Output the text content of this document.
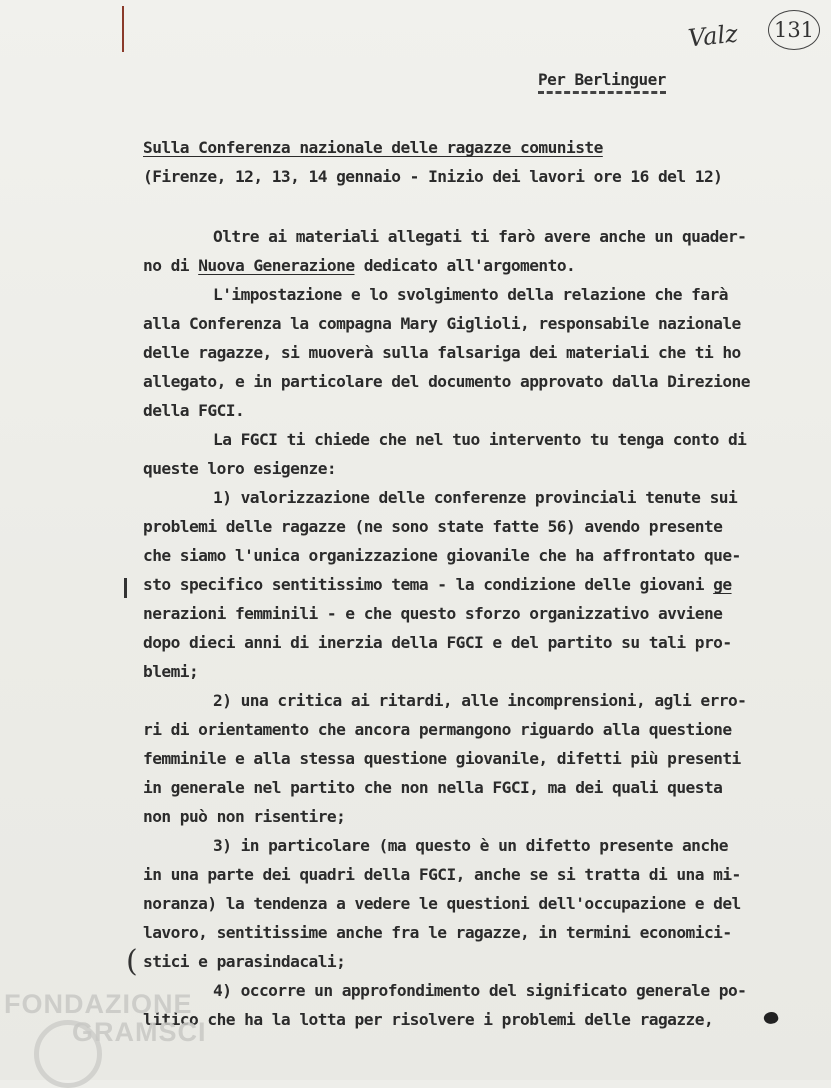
Valz 131
Per Berlinguer
Sulla Conferenza nazionale delle ragazze comuniste
(Firenze, 12, 13, 14 gennaio - Inizio dei lavori ore 16 del 12)
Oltre ai materiali allegati ti farò avere anche un quader-
no di Nuova Generazione dedicato all'argomento.
L'impostazione e lo svolgimento della relazione che farà
alla Conferenza la compagna Mary Giglioli, responsabile nazionale
delle ragazze, si muoverà sulla falsariga dei materiali che ti ho
allegato, e in particolare del documento approvato dalla Direzione
della FGCI.
La FGCI ti chiede che nel tuo intervento tu tenga conto di
queste loro esigenze:
1) valorizzazione delle conferenze provinciali tenute sui
problemi delle ragazze (ne sono state fatte 56) avendo presente
che siamo l'unica organizzazione giovanile che ha affrontato que-
sto specifico sentitissimo tema - la condizione delle giovani ge
nerazioni femminili - e che questo sforzo organizzativo avviene
dopo dieci anni di inerzia della FGCI e del partito su tali pro-
blemi;
2) una critica ai ritardi, alle incomprensioni, agli erro-
ri di orientamento che ancora permangono riguardo alla questione
femminile e alla stessa questione giovanile, difetti più presenti
in generale nel partito che non nella FGCI, ma dei quali questa
non può non risentire;
3) in particolare (ma questo è un difetto presente anche
in una parte dei quadri della FGCI, anche se si tratta di una mi-
noranza) la tendenza a vedere le questioni dell'occupazione e del
lavoro, sentitissime anche fra le ragazze, in termini economici-
( stici e parasindacali;
4) occorre un approfondimento del significato generale po-
litico che ha la lotta per risolvere i problemi delle ragazze,
FONDAZIONE
GRAMSCI
